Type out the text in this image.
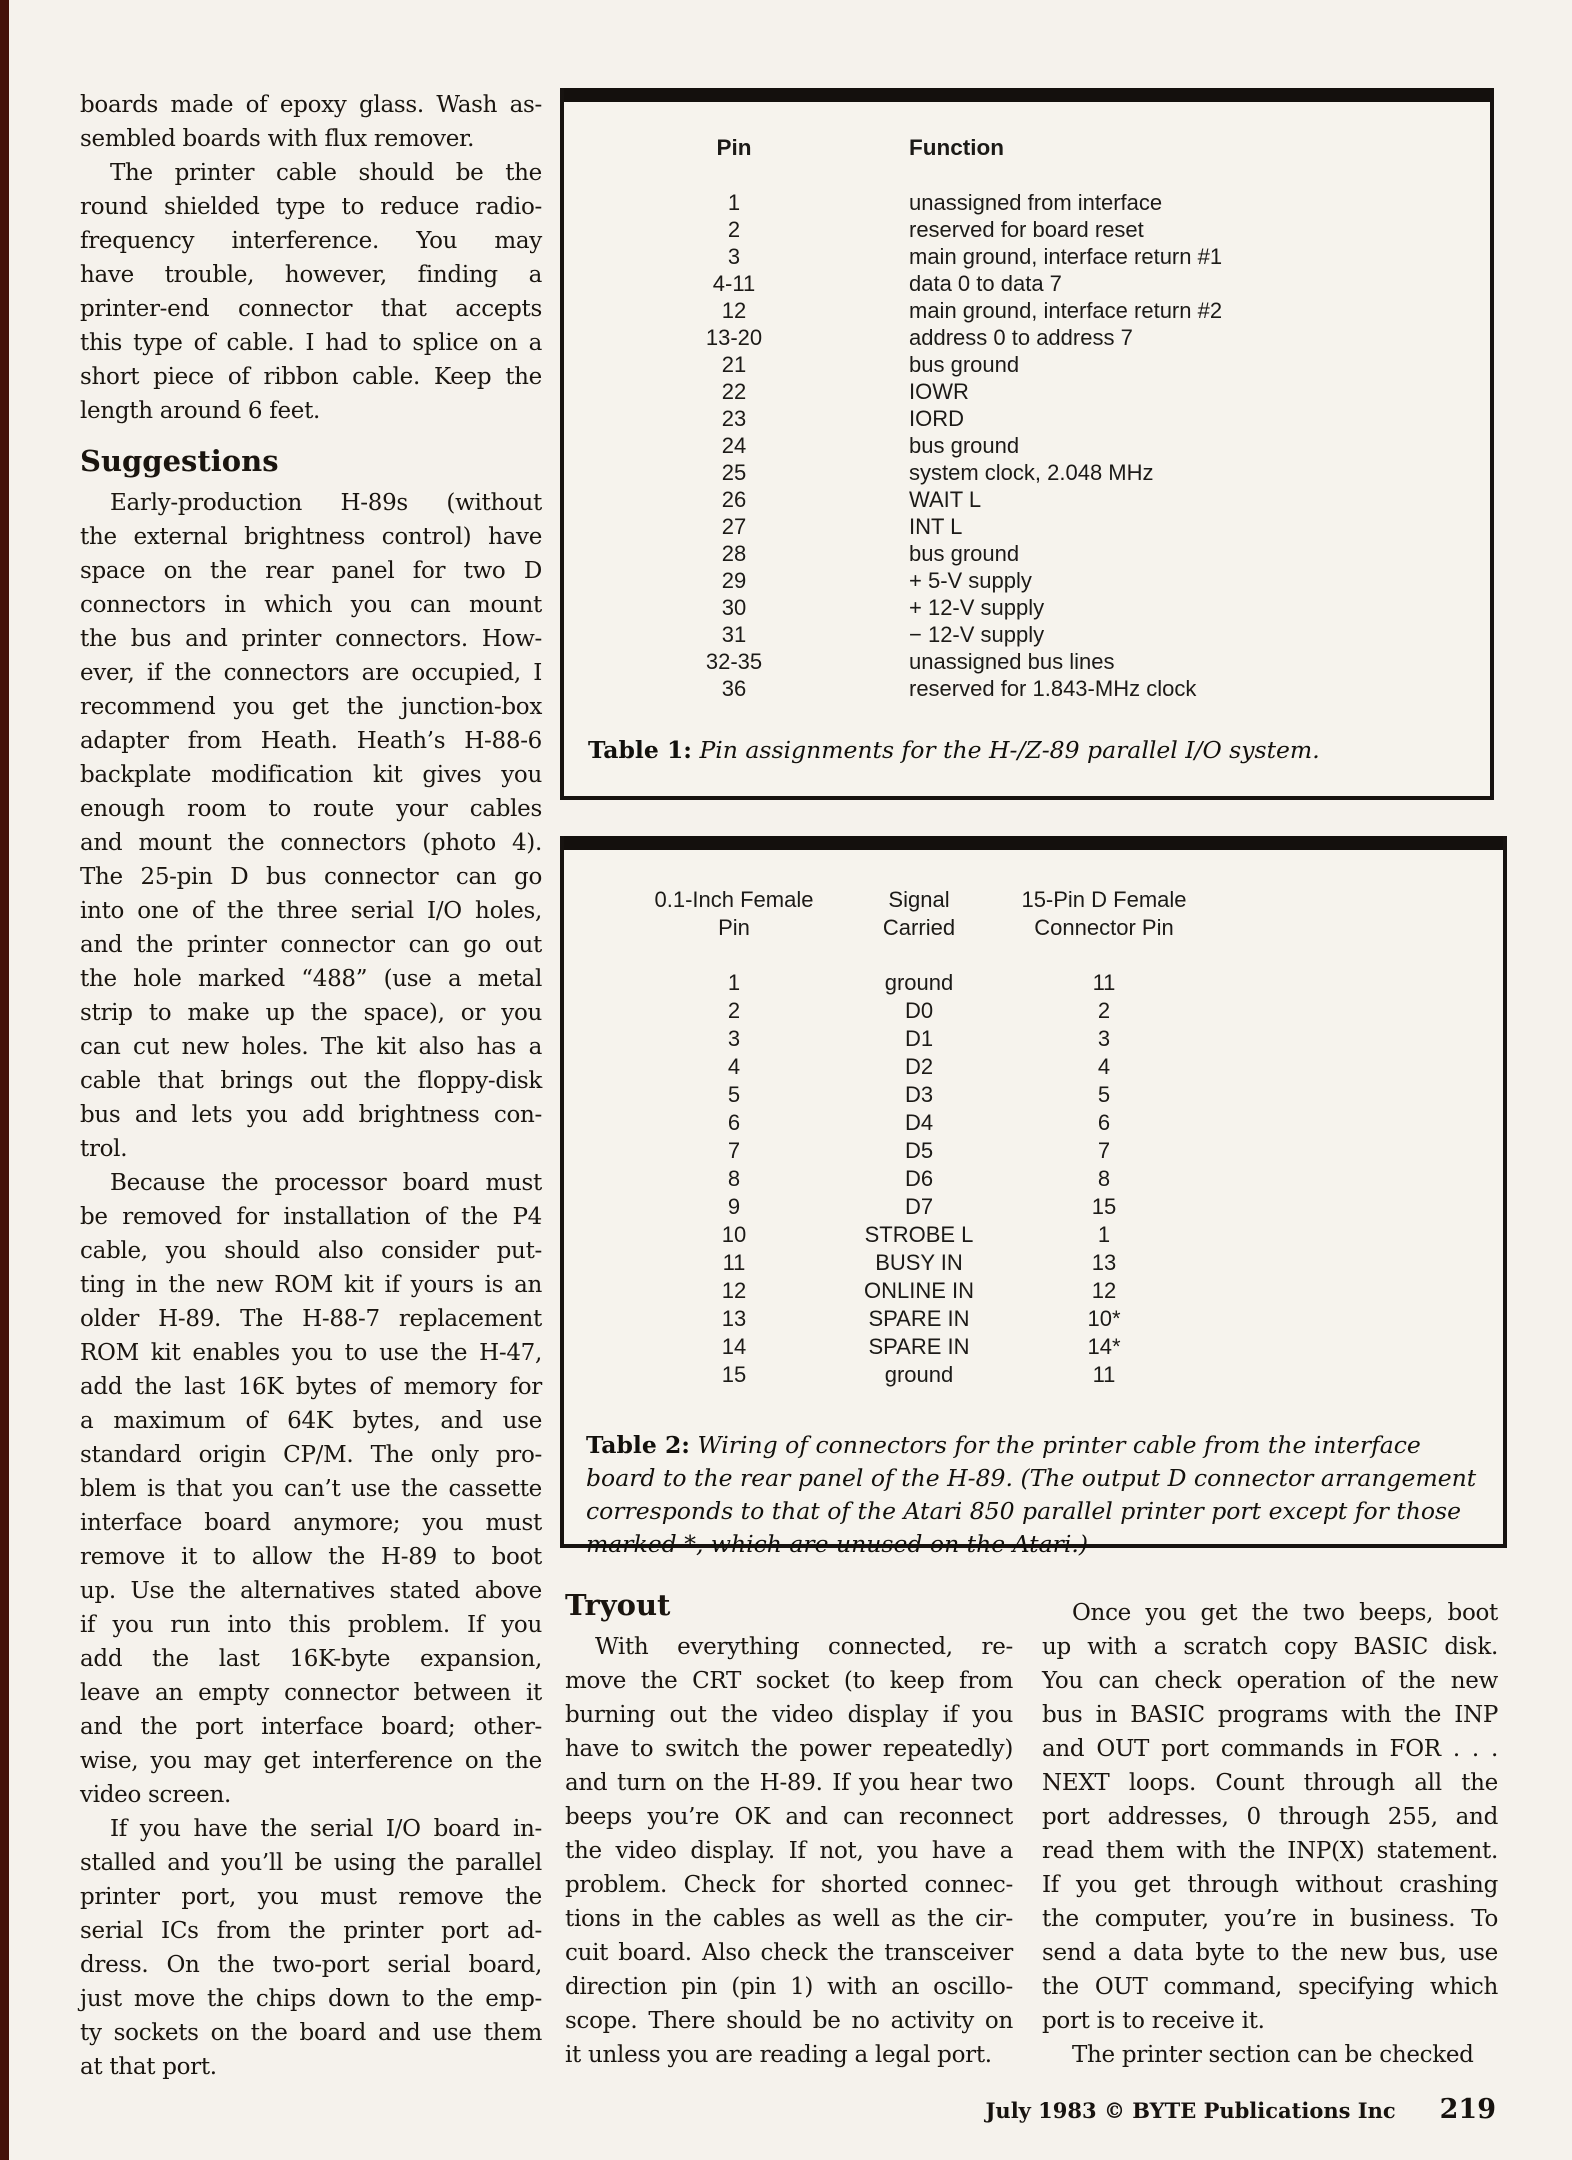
boards made of epoxy glass. Wash as-
sembled boards with flux remover.
The printer cable should be the
round shielded type to reduce radio-
frequency interference. You may
have trouble, however, finding a
printer-end connector that accepts
this type of cable. I had to splice on a
short piece of ribbon cable. Keep the
length around 6 feet.
Suggestions
Early-production H-89s (without
the external brightness control) have
space on the rear panel for two D
connectors in which you can mount
the bus and printer connectors. How-
ever, if the connectors are occupied, I
recommend you get the junction-box
adapter from Heath. Heath’s H-88-6
backplate modification kit gives you
enough room to route your cables
and mount the connectors (photo 4).
The 25-pin D bus connector can go
into one of the three serial I/O holes,
and the printer connector can go out
the hole marked “488” (use a metal
strip to make up the space), or you
can cut new holes. The kit also has a
cable that brings out the floppy-disk
bus and lets you add brightness con-
trol.
Because the processor board must
be removed for installation of the P4
cable, you should also consider put-
ting in the new ROM kit if yours is an
older H-89. The H-88-7 replacement
ROM kit enables you to use the H-47,
add the last 16K bytes of memory for
a maximum of 64K bytes, and use
standard origin CP/M. The only pro-
blem is that you can’t use the cassette
interface board anymore; you must
remove it to allow the H-89 to boot
up. Use the alternatives stated above
if you run into this problem. If you
add the last 16K-byte expansion,
leave an empty connector between it
and the port interface board; other-
wise, you may get interference on the
video screen.
If you have the serial I/O board in-
stalled and you’ll be using the parallel
printer port, you must remove the
serial ICs from the printer port ad-
dress. On the two-port serial board,
just move the chips down to the emp-
ty sockets on the board and use them
at that port.
Pin	Function
1	unassigned from interface
2	reserved for board reset
3	main ground, interface return #1
4-11	data 0 to data 7
12	main ground, interface return #2
13-20	address 0 to address 7
21	bus ground
22	IOWR
23	IORD
24	bus ground
25	system clock, 2.048 MHz
26	WAIT L
27	INT L
28	bus ground
29	+ 5-V supply
30	+ 12-V supply
31	− 12-V supply
32-35	unassigned bus lines
36	reserved for 1.843-MHz clock
Table 1: Pin assignments for the H-/Z-89 parallel I/O system.
0.1-Inch Female	Signal	15-Pin D Female
Pin	Carried	Connector Pin
1	ground	11
2	D0	2
3	D1	3
4	D2	4
5	D3	5
6	D4	6
7	D5	7
8	D6	8
9	D7	15
10	STROBE L	1
11	BUSY IN	13
12	ONLINE IN	12
13	SPARE IN	10*
14	SPARE IN	14*
15	ground	11
Table 2: Wiring of connectors for the printer cable from the interface board to the rear panel of the H-89. (The output D connector arrangement corresponds to that of the Atari 850 parallel printer port except for those marked *, which are unused on the Atari.)
Tryout
With everything connected, re-
move the CRT socket (to keep from
burning out the video display if you
have to switch the power repeatedly)
and turn on the H-89. If you hear two
beeps you’re OK and can reconnect
the video display. If not, you have a
problem. Check for shorted connec-
tions in the cables as well as the cir-
cuit board. Also check the transceiver
direction pin (pin 1) with an oscillo-
scope. There should be no activity on
it unless you are reading a legal port.
Once you get the two beeps, boot
up with a scratch copy BASIC disk.
You can check operation of the new
bus in BASIC programs with the INP
and OUT port commands in FOR . . .
NEXT loops. Count through all the
port addresses, 0 through 255, and
read them with the INP(X) statement.
If you get through without crashing
the computer, you’re in business. To
send a data byte to the new bus, use
the OUT command, specifying which
port is to receive it.
The printer section can be checked
July 1983 © BYTE Publications Inc 219
